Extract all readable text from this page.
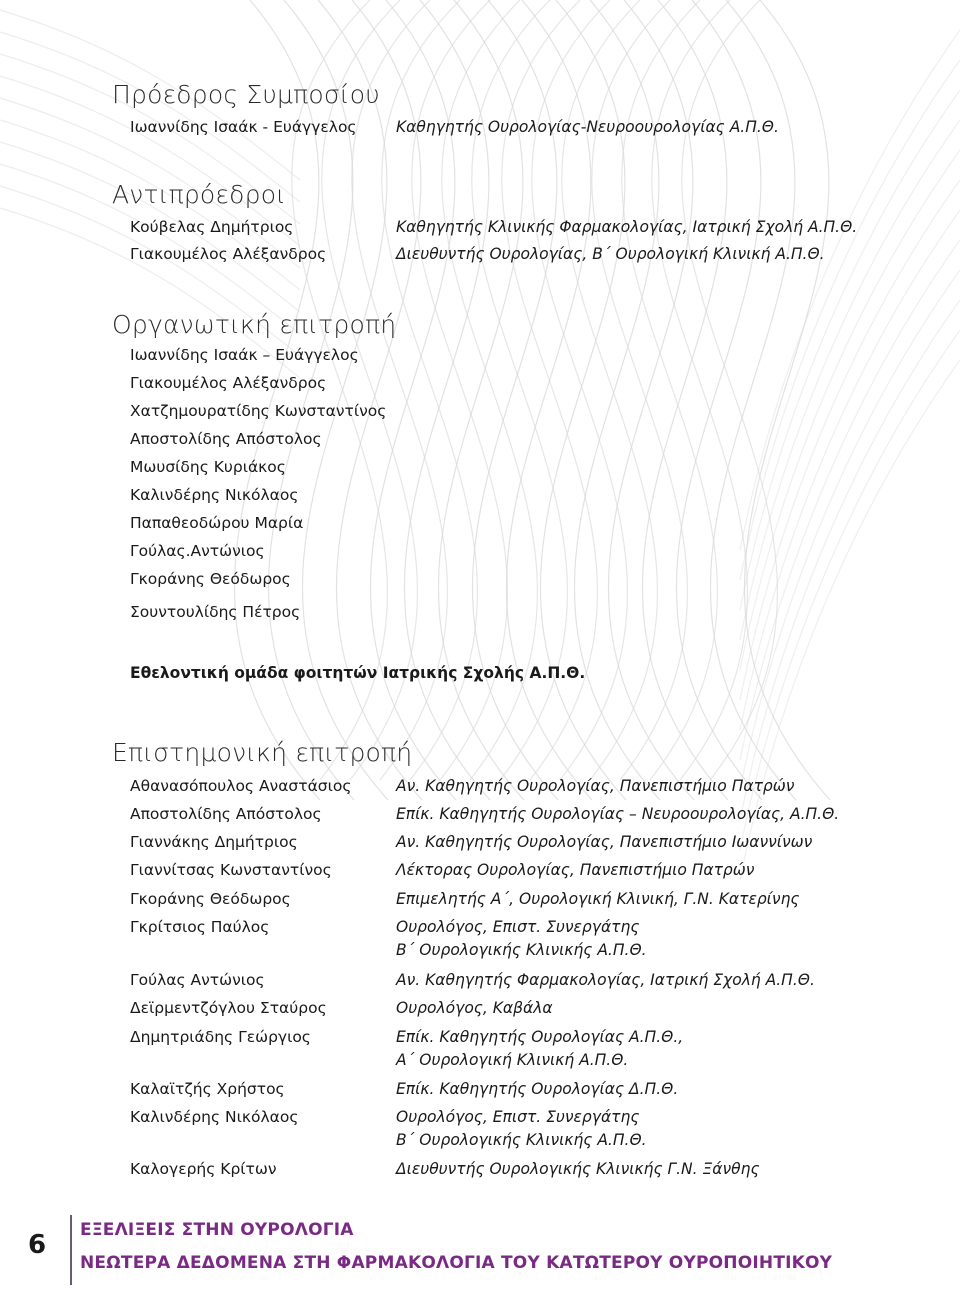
Πρόεδρος Συμποσίου
Ιωαννίδης Ισαάκ - Ευάγγελος	Καθηγητής Ουρολογίας-Νευροουρολογίας Α.Π.Θ.
Αντιπρόεδροι
Κούβελας Δημήτριος	Καθηγητής Κλινικής Φαρμακολογίας, Ιατρική Σχολή Α.Π.Θ.
Γιακουμέλος Αλέξανδρος	Διευθυντής Ουρολογίας, Β΄ Ουρολογική Κλινική Α.Π.Θ.
Οργανωτική επιτροπή
Ιωαννίδης Ισαάκ – Ευάγγελος
Γιακουμέλος Αλέξανδρος
Χατζημουρατίδης Κωνσταντίνος
Αποστολίδης Απόστολος
Μωυσίδης Κυριάκος
Καλινδέρης Νικόλαος
Παπαθεοδώρου Μαρία
Γούλας.Αντώνιος
Γκοράνης Θεόδωρος
Σουντουλίδης Πέτρος
Εθελοντική ομάδα φοιτητών Ιατρικής Σχολής Α.Π.Θ.
Επιστημονική επιτροπή
Αθανασόπουλος Αναστάσιος	Αν. Καθηγητής Ουρολογίας, Πανεπιστήμιο Πατρών
Αποστολίδης Απόστολος	Επίκ. Καθηγητής Ουρολογίας – Νευροουρολογίας, Α.Π.Θ.
Γιαννάκης Δημήτριος	Αν. Καθηγητής Ουρολογίας, Πανεπιστήμιο Ιωαννίνων
Γιαννίτσας Κωνσταντίνος	Λέκτορας Ουρολογίας, Πανεπιστήμιο Πατρών
Γκοράνης Θεόδωρος	Επιμελητής Α΄, Ουρολογική Κλινική, Γ.Ν. Κατερίνης
Γκρίτσιος Παύλος	Ουρολόγος, Επιστ. Συνεργάτης
Β΄ Ουρολογικής Κλινικής Α.Π.Θ.
Γούλας Αντώνιος	Αν. Καθηγητής Φαρμακολογίας, Ιατρική Σχολή Α.Π.Θ.
Δεϊρμεντζόγλου Σταύρος	Ουρολόγος, Καβάλα
Δημητριάδης Γεώργιος	Επίκ. Καθηγητής Ουρολογίας Α.Π.Θ.,
Α΄ Ουρολογική Κλινική Α.Π.Θ.
Καλαϊτζής Χρήστος	Επίκ. Καθηγητής Ουρολογίας Δ.Π.Θ.
Καλινδέρης Νικόλαος	Ουρολόγος, Επιστ. Συνεργάτης
Β΄ Ουρολογικής Κλινικής Α.Π.Θ.
Καλογερής Κρίτων	Διευθυντής Ουρολογικής Κλινικής Γ.Ν. Ξάνθης
6 ΕΞΕΛΙΞΕΙΣ ΣΤΗΝ ΟΥΡΟΛΟΓΙΑ
ΝΕΩΤΕΡΑ ΔΕΔΟΜΕΝΑ ΣΤΗ ΦΑΡΜΑΚΟΛΟΓΙΑ ΤΟΥ ΚΑΤΩΤΕΡΟΥ ΟΥΡΟΠΟΙΗΤΙΚΟΥ
